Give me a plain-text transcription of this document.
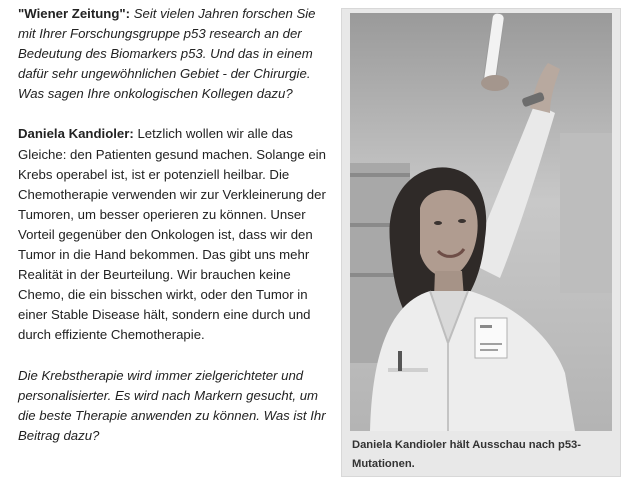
"Wiener Zeitung": Seit vielen Jahren forschen Sie mit Ihrer Forschungsgruppe p53 research an der Bedeutung des Biomarkers p53. Und das in einem dafür sehr ungewöhnlichen Gebiet - der Chirurgie. Was sagen Ihre onkologischen Kollegen dazu?

Daniela Kandioler: Letzlich wollen wir alle das Gleiche: den Patienten gesund machen. Solange ein Krebs operabel ist, ist er potenziell heilbar. Die Chemotherapie verwenden wir zur Verkleinerung der Tumoren, um besser operieren zu können. Unser Vorteil gegenüber den Onkologen ist, dass wir den Tumor in die Hand bekommen. Das gibt uns mehr Realität in der Beurteilung. Wir brauchen keine Chemo, die ein bisschen wirkt, oder den Tumor in einer Stable Disease hält, sondern eine durch und durch effiziente Chemotherapie.

Die Krebstherapie wird immer zielgerichteter und personalisierter. Es wird nach Markern gesucht, um die beste Therapie anwenden zu können. Was ist Ihr Beitrag dazu?

Daniela Kandioler hält Ausschau nach p53-Mutationen.
